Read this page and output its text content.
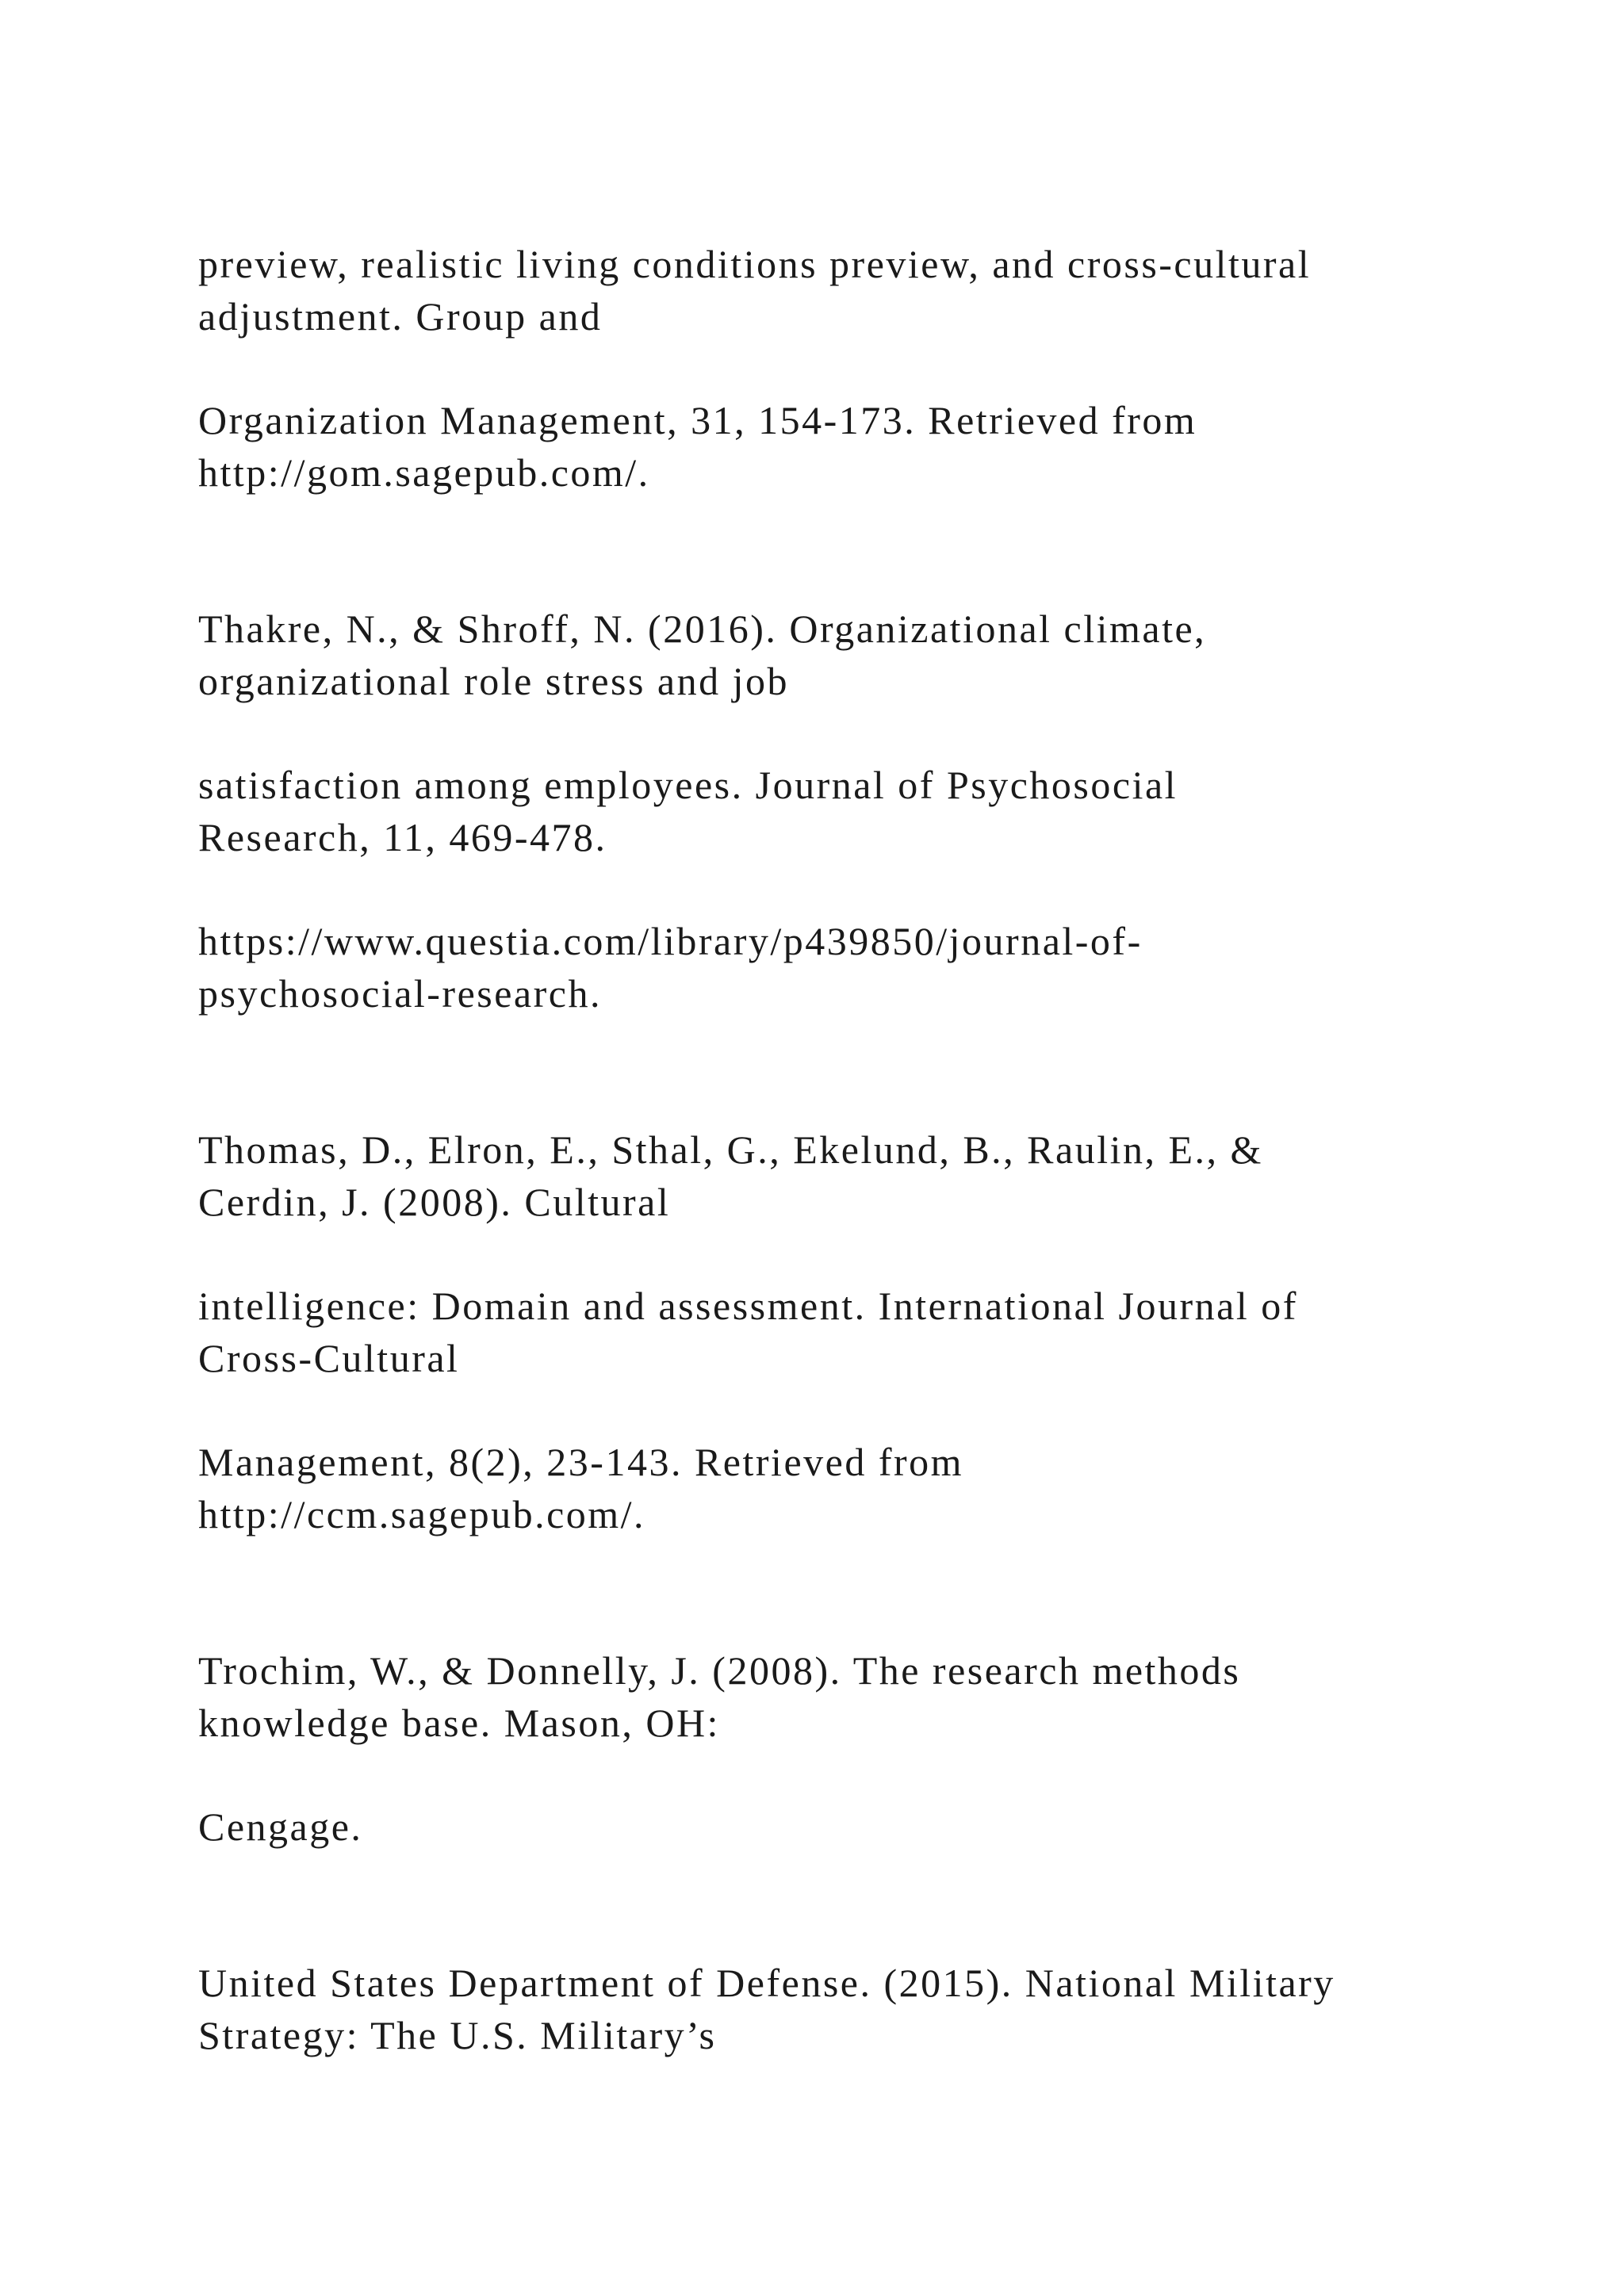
preview, realistic living conditions preview, and cross-cultural
adjustment. Group and

Organization Management, 31, 154-173. Retrieved from
http://gom.sagepub.com/.

Thakre, N., & Shroff, N. (2016). Organizational climate,
organizational role stress and job

satisfaction among employees. Journal of Psychosocial
Research, 11, 469-478.

https://www.questia.com/library/p439850/journal-of-
psychosocial-research.

Thomas, D., Elron, E., Sthal, G., Ekelund, B., Raulin, E., &
Cerdin, J. (2008). Cultural

intelligence: Domain and assessment. International Journal of
Cross-Cultural

Management, 8(2), 23-143. Retrieved from
http://ccm.sagepub.com/.

Trochim, W., & Donnelly, J. (2008). The research methods
knowledge base. Mason, OH:

Cengage.

United States Department of Defense. (2015). National Military
Strategy: The U.S. Military’s
